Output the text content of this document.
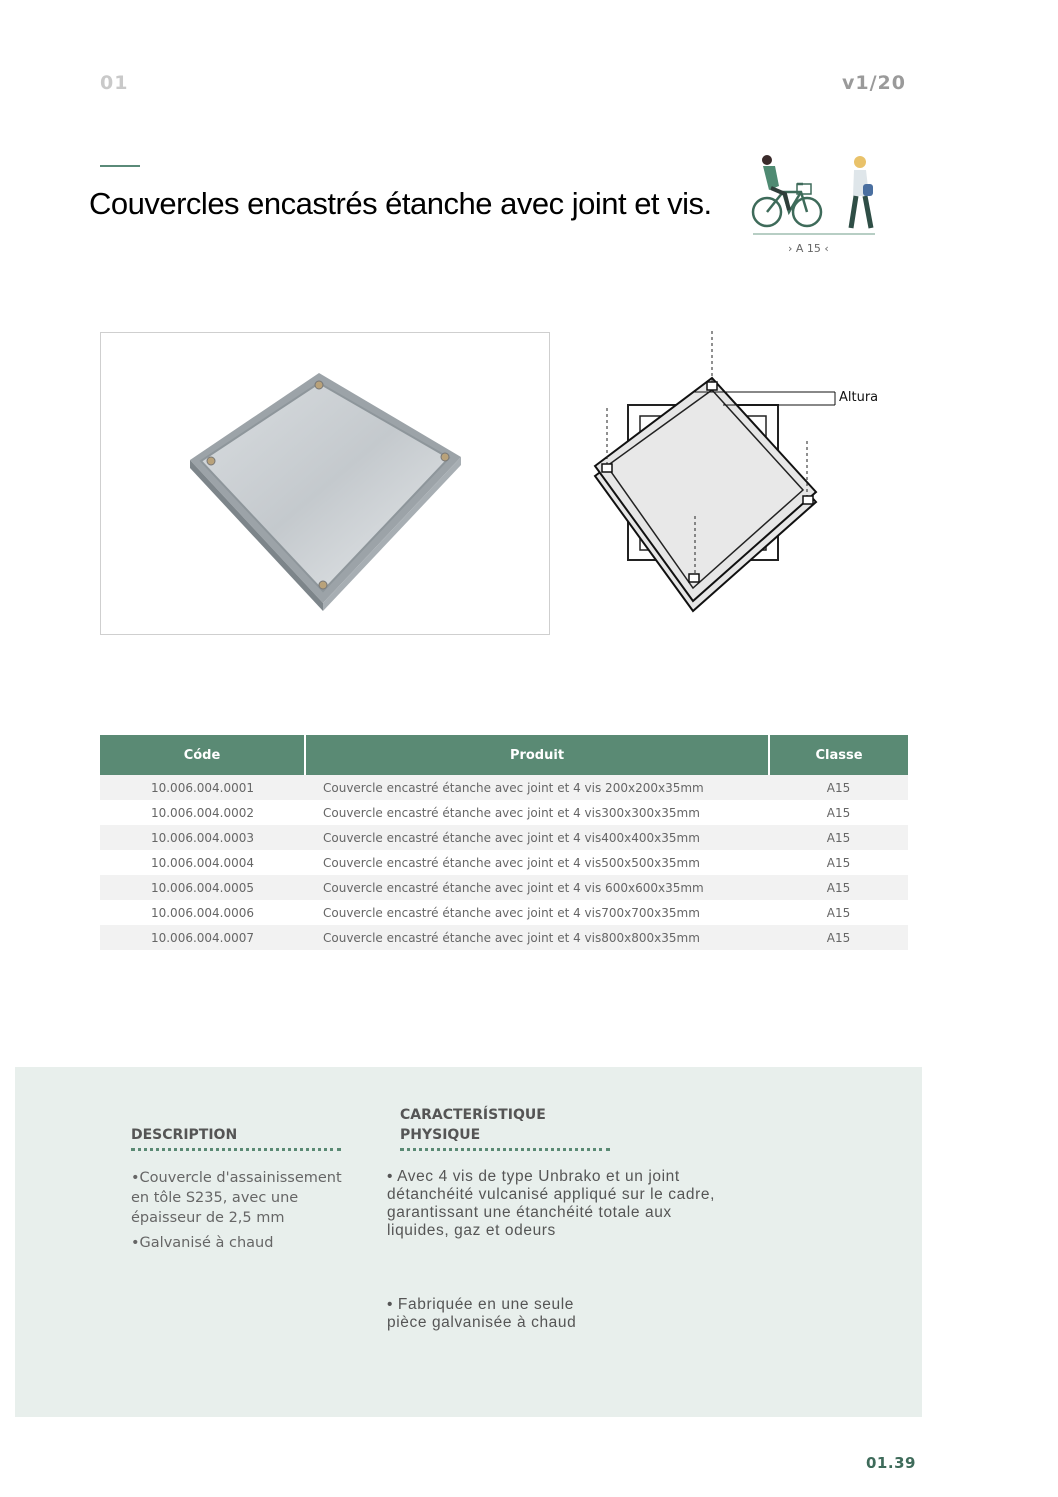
01	v1/20
Couvercles encastrés étanche avec joint et vis.
› A 15 ‹
Altura
Códe	Produit	Classe
10.006.004.0001	Couvercle encastré étanche avec joint et 4 vis 200x200x35mm	A15
10.006.004.0002	Couvercle encastré étanche avec joint et 4 vis300x300x35mm	A15
10.006.004.0003	Couvercle encastré étanche avec joint et 4 vis400x400x35mm	A15
10.006.004.0004	Couvercle encastré étanche avec joint et 4 vis500x500x35mm	A15
10.006.004.0005	Couvercle encastré étanche avec joint et 4 vis 600x600x35mm	A15
10.006.004.0006	Couvercle encastré étanche avec joint et 4 vis700x700x35mm	A15
10.006.004.0007	Couvercle encastré étanche avec joint et 4 vis800x800x35mm	A15
DESCRIPTION

•Couvercle d'assainissement en tôle S235, avec une épaisseur de 2,5 mm

•Galvanisé à chaud

CARACTERÍSTIQUE
PHYSIQUE
• Avec 4 vis de type Unbrako et un joint détanchéité vulcanisé appliqué sur le cadre, garantissant une étanchéité totale aux liquides, gaz et odeurs
• Fabriquée en une seule pièce galvanisée à chaud
01.39
